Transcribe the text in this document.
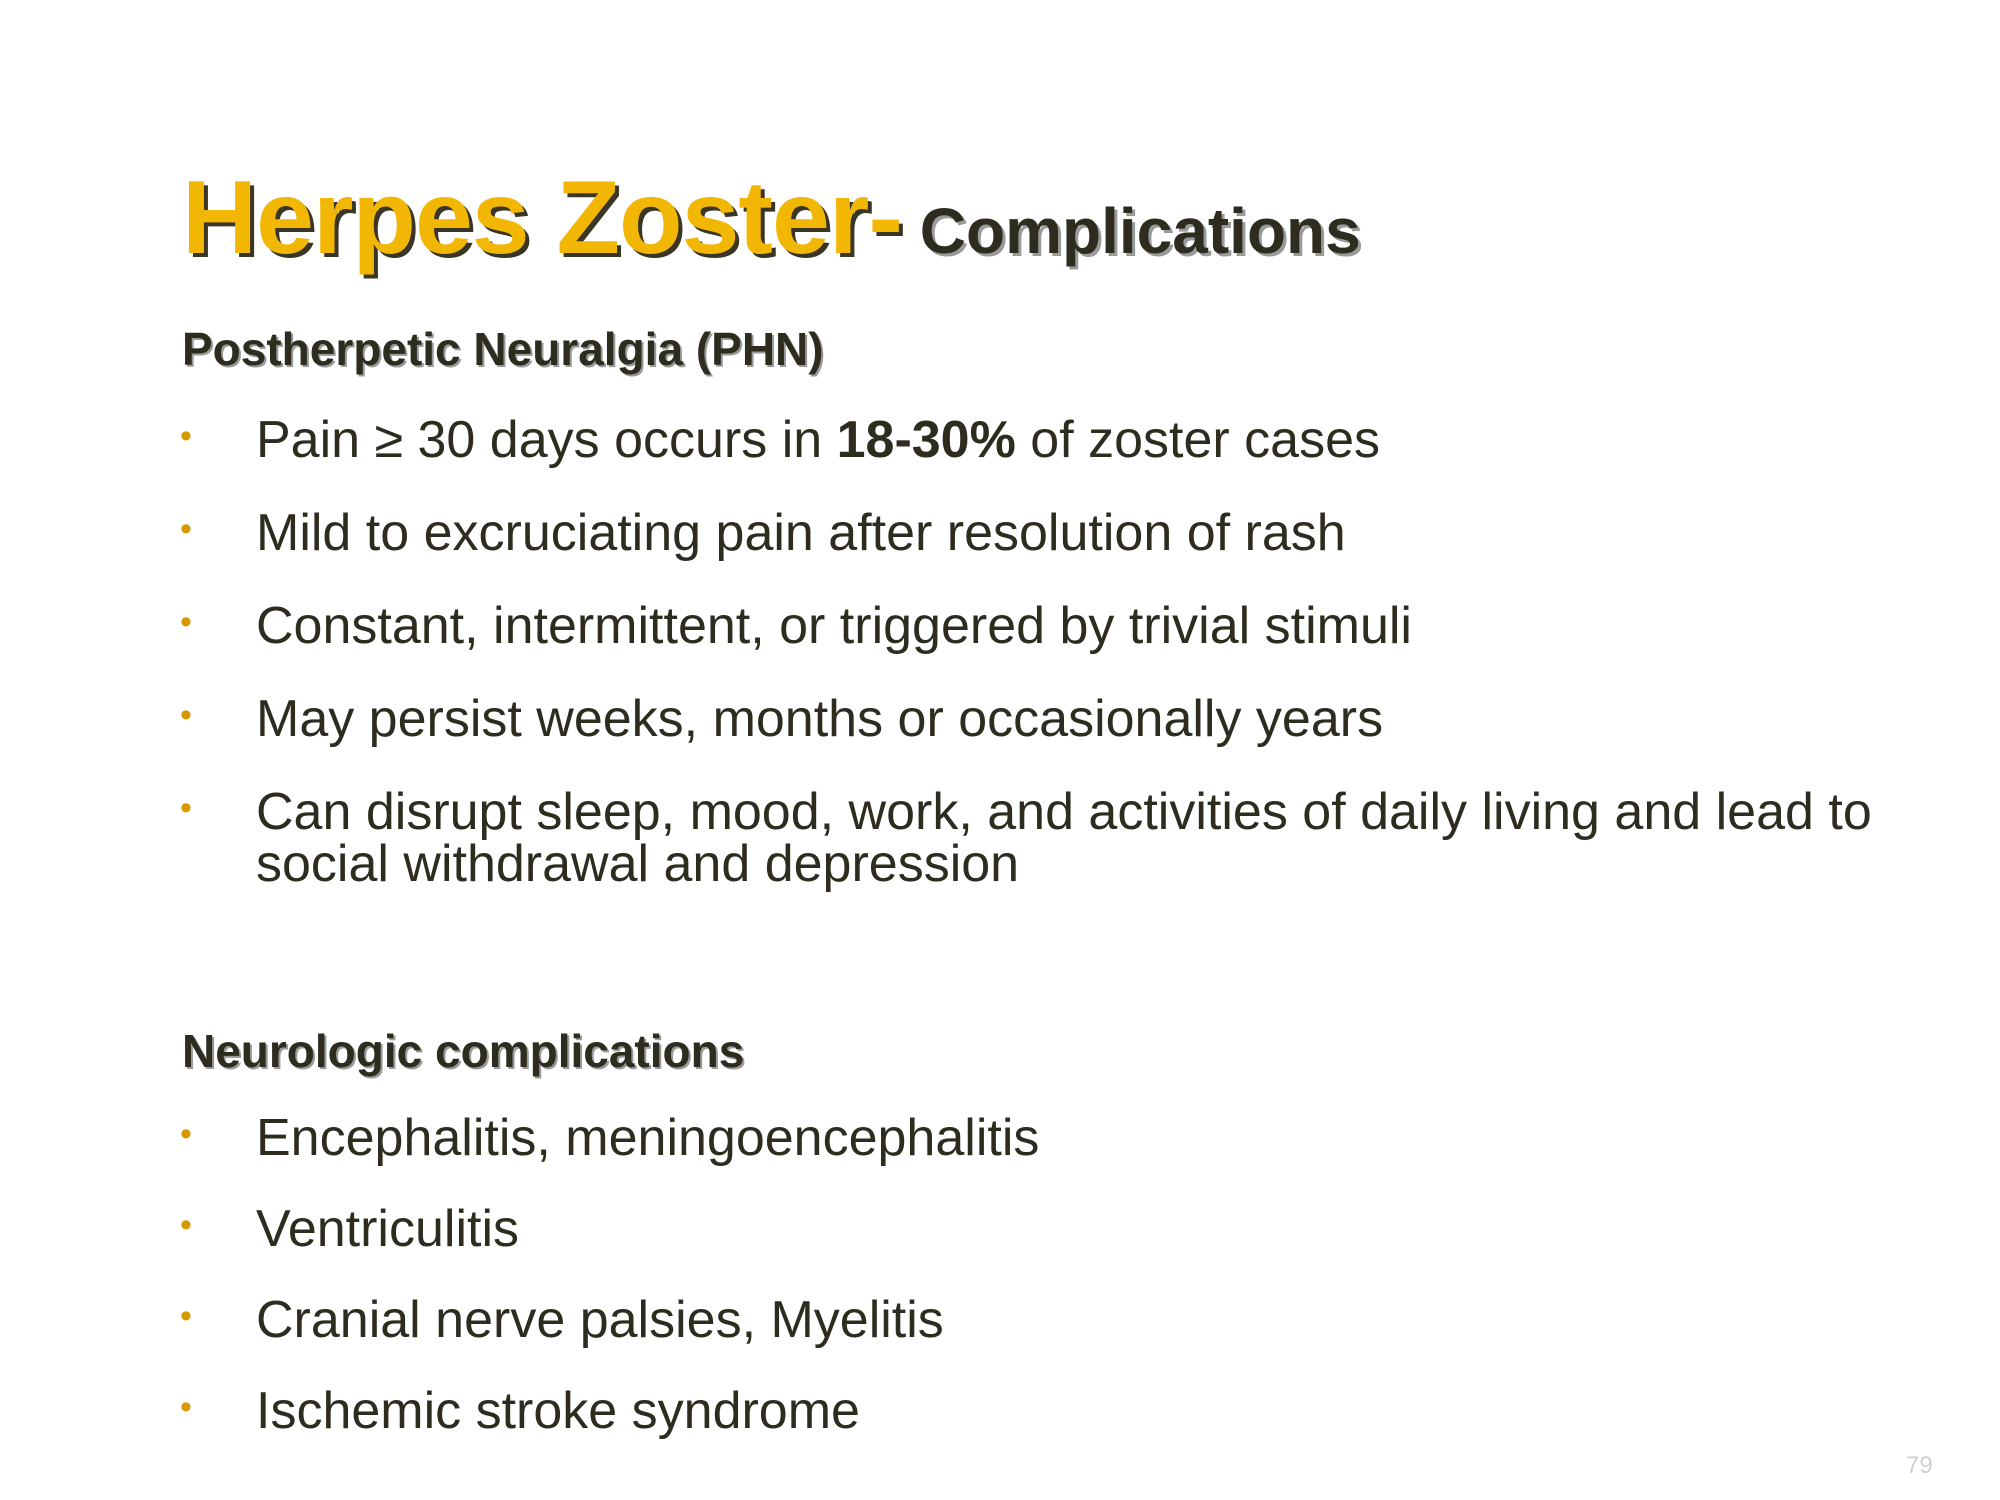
Herpes Zoster- Complications
Postherpetic Neuralgia (PHN)
• Pain ≥ 30 days occurs in 18-30% of zoster cases
• Mild to excruciating pain after resolution of rash
• Constant, intermittent, or triggered by trivial stimuli
• May persist weeks, months or occasionally years
• Can disrupt sleep, mood, work, and activities of daily living and lead to social withdrawal and depression
Neurologic complications
• Encephalitis, meningoencephalitis
• Ventriculitis
• Cranial nerve palsies, Myelitis
• Ischemic stroke syndrome
79
